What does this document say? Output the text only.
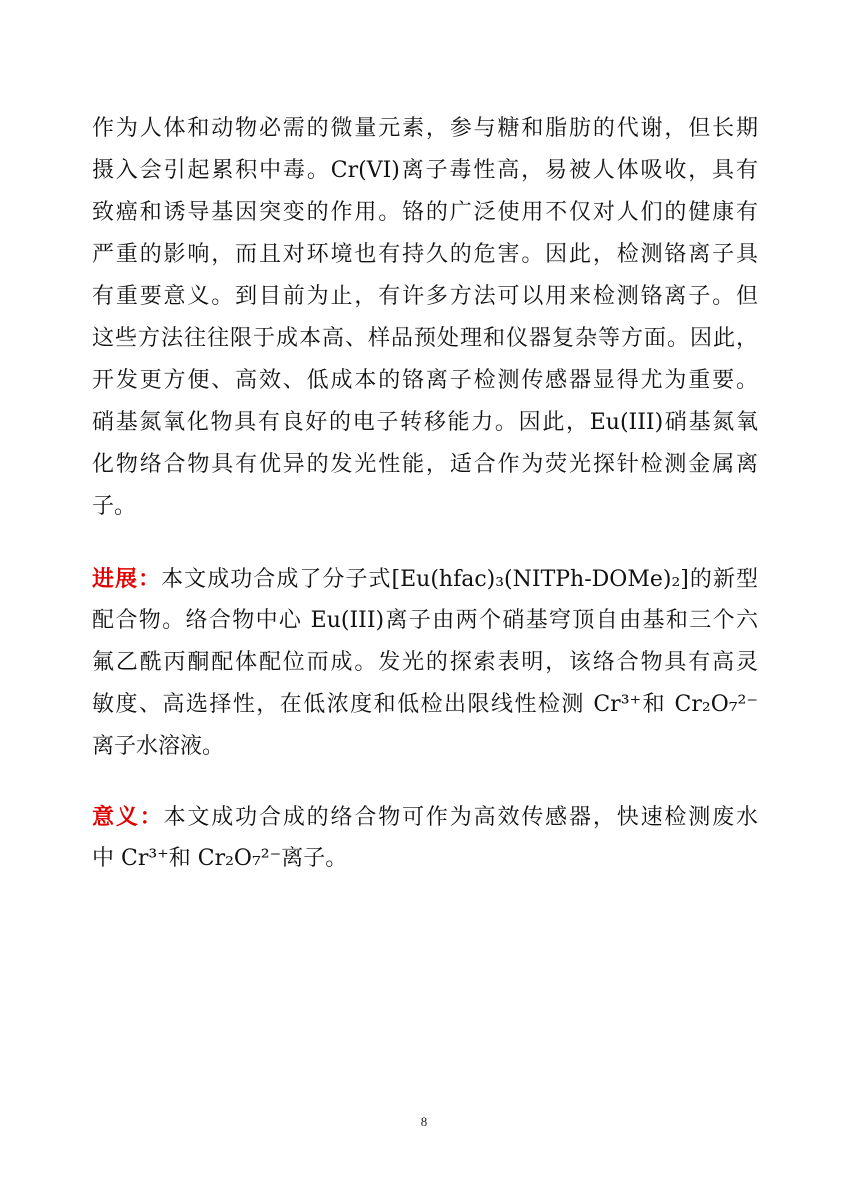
作为人体和动物必需的微量元素，参与糖和脂肪的代谢，但长期
摄入会引起累积中毒。Cr(VI)离子毒性高，易被人体吸收，具有
致癌和诱导基因突变的作用。铬的广泛使用不仅对人们的健康有
严重的影响，而且对环境也有持久的危害。因此，检测铬离子具
有重要意义。到目前为止，有许多方法可以用来检测铬离子。但
这些方法往往限于成本高、样品预处理和仪器复杂等方面。因此，
开发更方便、高效、低成本的铬离子检测传感器显得尤为重要。
硝基氮氧化物具有良好的电子转移能力。因此，Eu(III)硝基氮氧
化物络合物具有优异的发光性能，适合作为荧光探针检测金属离
子。
进展：本文成功合成了分子式[Eu(hfac)₃(NITPh-DOMe)₂]的新型
配合物。络合物中心 Eu(III)离子由两个硝基穹顶自由基和三个六
氟乙酰丙酮配体配位而成。发光的探索表明，该络合物具有高灵
敏度、高选择性，在低浓度和低检出限线性检测 Cr³⁺和 Cr₂O₇²⁻
离子水溶液。
意义：本文成功合成的络合物可作为高效传感器，快速检测废水
中 Cr³⁺和 Cr₂O₇²⁻离子。
8
